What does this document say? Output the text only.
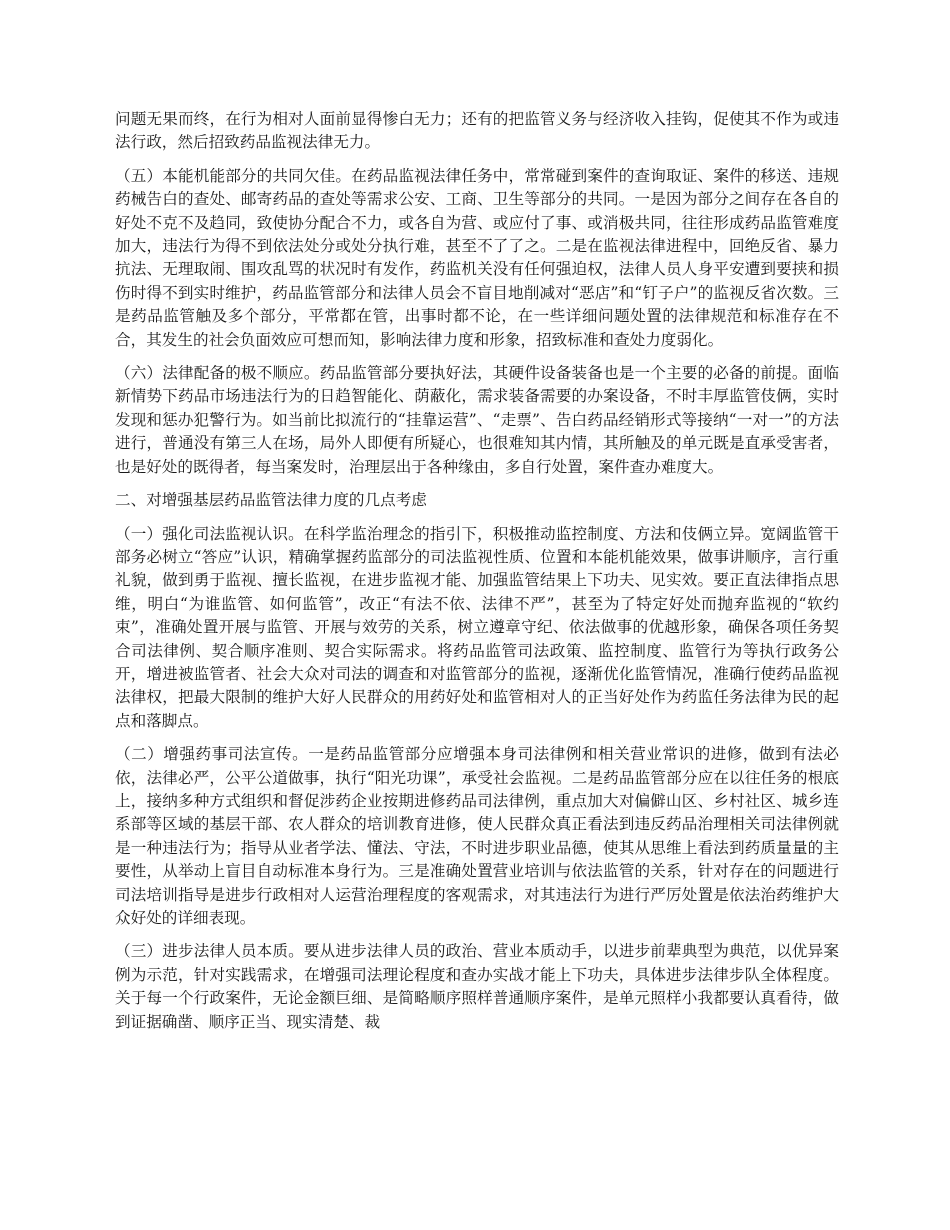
问题无果而终，在行为相对人面前显得惨白无力；还有的把监管义务与经济收入挂钩，促使其不作为或违法行政，然后招致药品监视法律无力。

（五）本能机能部分的共同欠佳。在药品监视法律任务中，常常碰到案件的查询取证、案件的移送、违规药械告白的查处、邮寄药品的查处等需求公安、工商、卫生等部分的共同。一是因为部分之间存在各自的好处不克不及趋同，致使协分配合不力，或各自为营、或应付了事、或消极共同，往往形成药品监管难度加大，违法行为得不到依法处分或处分执行难，甚至不了了之。二是在监视法律进程中，回绝反省、暴力抗法、无理取闹、围攻乱骂的状况时有发作，药监机关没有任何强迫权，法律人员人身平安遭到要挟和损伤时得不到实时维护，药品监管部分和法律人员会不盲目地削减对“恶店”和“钉子户”的监视反省次数。三是药品监管触及多个部分，平常都在管，出事时都不论，在一些详细问题处置的法律规范和标准存在不合，其发生的社会负面效应可想而知，影响法律力度和形象，招致标准和查处力度弱化。

（六）法律配备的极不顺应。药品监管部分要执好法，其硬件设备装备也是一个主要的必备的前提。面临新情势下药品市场违法行为的日趋智能化、荫蔽化，需求装备需要的办案设备，不时丰厚监管伎俩，实时发现和惩办犯警行为。如当前比拟流行的“挂靠运营”、“走票”、告白药品经销形式等接纳“一对一”的方法进行，普通没有第三人在场，局外人即便有所疑心，也很难知其内情，其所触及的单元既是直承受害者，也是好处的既得者，每当案发时，治理层出于各种缘由，多自行处置，案件查办难度大。

二、对增强基层药品监管法律力度的几点考虑

（一）强化司法监视认识。在科学监治理念的指引下，积极推动监控制度、方法和伎俩立异。宽阔监管干部务必树立“答应”认识，精确掌握药监部分的司法监视性质、位置和本能机能效果，做事讲顺序，言行重礼貌，做到勇于监视、擅长监视，在进步监视才能、加强监管结果上下功夫、见实效。要正直法律指点思维，明白“为谁监管、如何监管”，改正“有法不依、法律不严”，甚至为了特定好处而抛弃监视的“软约束”，准确处置开展与监管、开展与效劳的关系，树立遵章守纪、依法做事的优越形象，确保各项任务契合司法律例、契合顺序准则、契合实际需求。将药品监管司法政策、监控制度、监管行为等执行政务公开，增进被监管者、社会大众对司法的调查和对监管部分的监视，逐渐优化监管情况，准确行使药品监视法律权，把最大限制的维护大好人民群众的用药好处和监管相对人的正当好处作为药监任务法律为民的起点和落脚点。

（二）增强药事司法宣传。一是药品监管部分应增强本身司法律例和相关营业常识的进修，做到有法必依，法律必严，公平公道做事，执行“阳光功课”，承受社会监视。二是药品监管部分应在以往任务的根底上，接纳多种方式组织和督促涉药企业按期进修药品司法律例，重点加大对偏僻山区、乡村社区、城乡连系部等区域的基层干部、农人群众的培训教育进修，使人民群众真正看法到违反药品治理相关司法律例就是一种违法行为；指导从业者学法、懂法、守法，不时进步职业品德，使其从思维上看法到药质量量的主要性，从举动上盲目自动标准本身行为。三是准确处置营业培训与依法监管的关系，针对存在的问题进行司法培训指导是进步行政相对人运营治理程度的客观需求，对其违法行为进行严厉处置是依法治药维护大众好处的详细表现。

（三）进步法律人员本质。要从进步法律人员的政治、营业本质动手，以进步前辈典型为典范，以优异案例为示范，针对实践需求，在增强司法理论程度和查办实战才能上下功夫，具体进步法律步队全体程度。关于每一个行政案件，无论金额巨细、是简略顺序照样普通顺序案件，是单元照样小我都要认真看待，做到证据确凿、顺序正当、现实清楚、裁
